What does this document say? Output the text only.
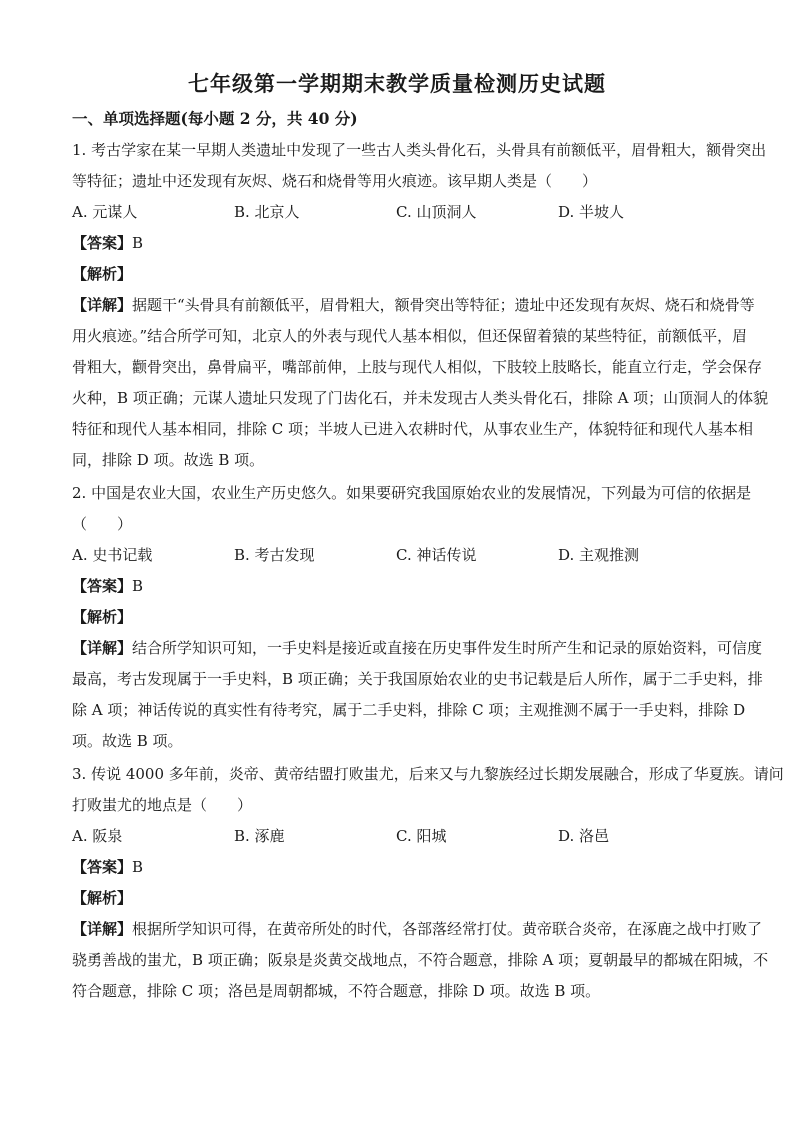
七年级第一学期期末教学质量检测历史试题
一、单项选择题(每小题 2 分，共 40 分)
1. 考古学家在某一早期人类遗址中发现了一些古人类头骨化石，头骨具有前额低平，眉骨粗大，额骨突出
等特征；遗址中还发现有灰烬、烧石和烧骨等用火痕迹。该早期人类是（　　）
A. 元谋人	B. 北京人	C. 山顶洞人	D. 半坡人
【答案】B
【解析】
【详解】据题干“头骨具有前额低平，眉骨粗大，额骨突出等特征；遗址中还发现有灰烬、烧石和烧骨等
用火痕迹。”结合所学可知，北京人的外表与现代人基本相似，但还保留着猿的某些特征，前额低平，眉
骨粗大，颧骨突出，鼻骨扁平，嘴部前伸，上肢与现代人相似，下肢较上肢略长，能直立行走，学会保存
火种，B 项正确；元谋人遗址只发现了门齿化石，并未发现古人类头骨化石，排除 A 项；山顶洞人的体貌
特征和现代人基本相同，排除 C 项；半坡人已进入农耕时代，从事农业生产，体貌特征和现代人基本相
同，排除 D 项。故选 B 项。
2. 中国是农业大国，农业生产历史悠久。如果要研究我国原始农业的发展情况，下列最为可信的依据是
（　　）
A. 史书记载	B. 考古发现	C. 神话传说	D. 主观推测
【答案】B
【解析】
【详解】结合所学知识可知，一手史料是接近或直接在历史事件发生时所产生和记录的原始资料，可信度
最高，考古发现属于一手史料，B 项正确；关于我国原始农业的史书记载是后人所作，属于二手史料，排
除 A 项；神话传说的真实性有待考究，属于二手史料，排除 C 项；主观推测不属于一手史料，排除 D
项。故选 B 项。
3. 传说 4000 多年前，炎帝、黄帝结盟打败蚩尤，后来又与九黎族经过长期发展融合，形成了华夏族。请问
打败蚩尤的地点是（　　）
A. 阪泉	B. 涿鹿	C. 阳城	D. 洛邑
【答案】B
【解析】
【详解】根据所学知识可得，在黄帝所处的时代，各部落经常打仗。黄帝联合炎帝，在涿鹿之战中打败了
骁勇善战的蚩尤，B 项正确；阪泉是炎黄交战地点，不符合题意，排除 A 项；夏朝最早的都城在阳城，不
符合题意，排除 C 项；洛邑是周朝都城，不符合题意，排除 D 项。故选 B 项。
